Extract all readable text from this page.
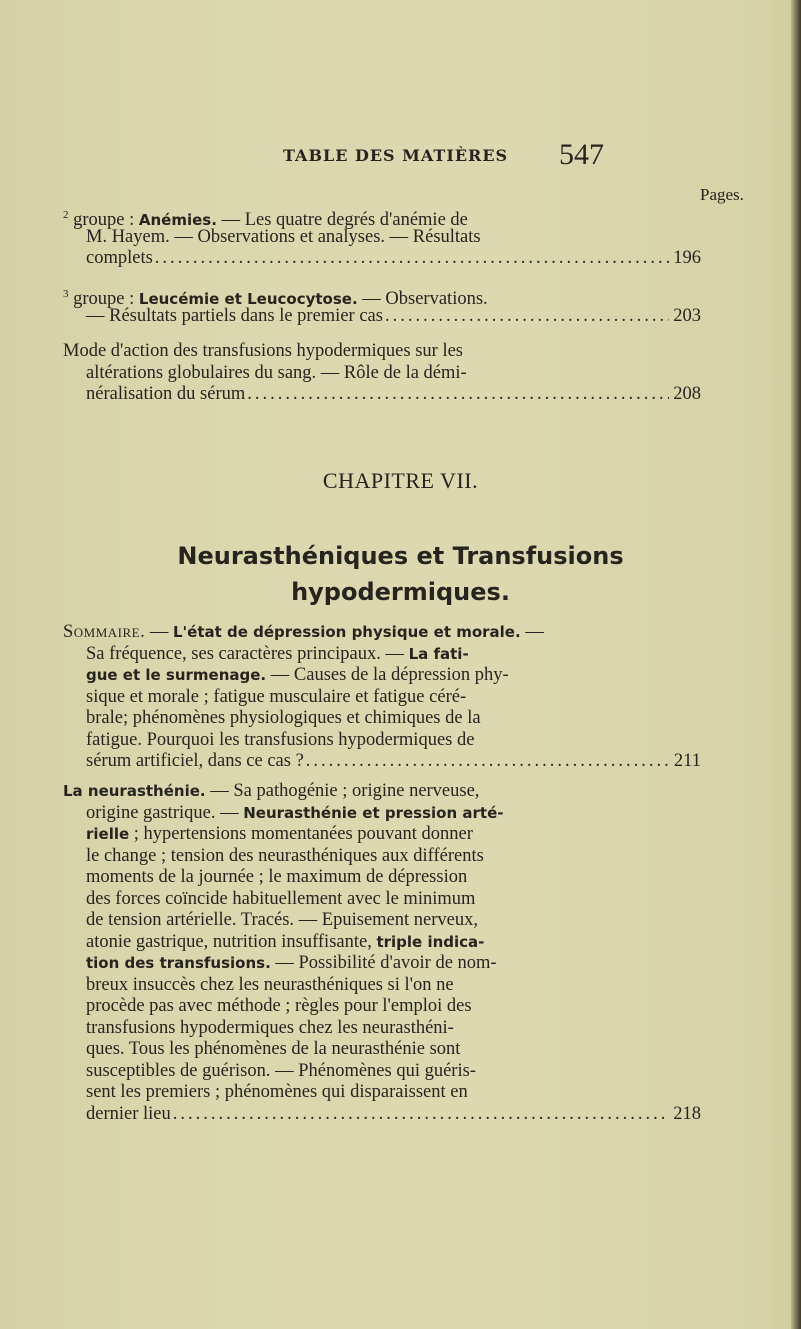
TABLE DES MATIÈRES 547
Pages.
$^2$ groupe : Anémies. — Les quatre degrés d'anémie de
M. Hayem. — Observations et analyses. — Résultats
complets .....	196
$^3$ groupe : Leucémie et Leucocytose. — Observations.
— Résultats partiels dans le premier cas .....	203
Mode d'action des transfusions hypodermiques sur les
altérations globulaires du sang. — Rôle de la démi-
néralisation du sérum .....	208
CHAPITRE VII.
Neurasthéniques et Transfusions
hypodermiques.
Sommaire. — L'état de dépression physique et morale. —
Sa fréquence, ses caractères principaux. — La fati-
gue et le surmenage. — Causes de la dépression phy-
sique et morale ; fatigue musculaire et fatigue céré-
brale; phénomènes physiologiques et chimiques de la
fatigue. Pourquoi les transfusions hypodermiques de
sérum artificiel, dans ce cas ? .....	211
La neurasthénie. — Sa pathogénie ; origine nerveuse,
origine gastrique. — Neurasthénie et pression arté-
rielle ; hypertensions momentanées pouvant donner
le change ; tension des neurasthéniques aux différents
moments de la journée ; le maximum de dépression
des forces coïncide habituellement avec le minimum
de tension artérielle. Tracés. — Epuisement nerveux,
atonie gastrique, nutrition insuffisante, triple indica-
tion des transfusions. — Possibilité d'avoir de nom-
breux insuccès chez les neurasthéniques si l'on ne
procède pas avec méthode ; règles pour l'emploi des
transfusions hypodermiques chez les neurasthéni-
ques. Tous les phénomènes de la neurasthénie sont
susceptibles de guérison. — Phénomènes qui guéris-
sent les premiers ; phénomènes qui disparaissent en
dernier lieu .....	218
